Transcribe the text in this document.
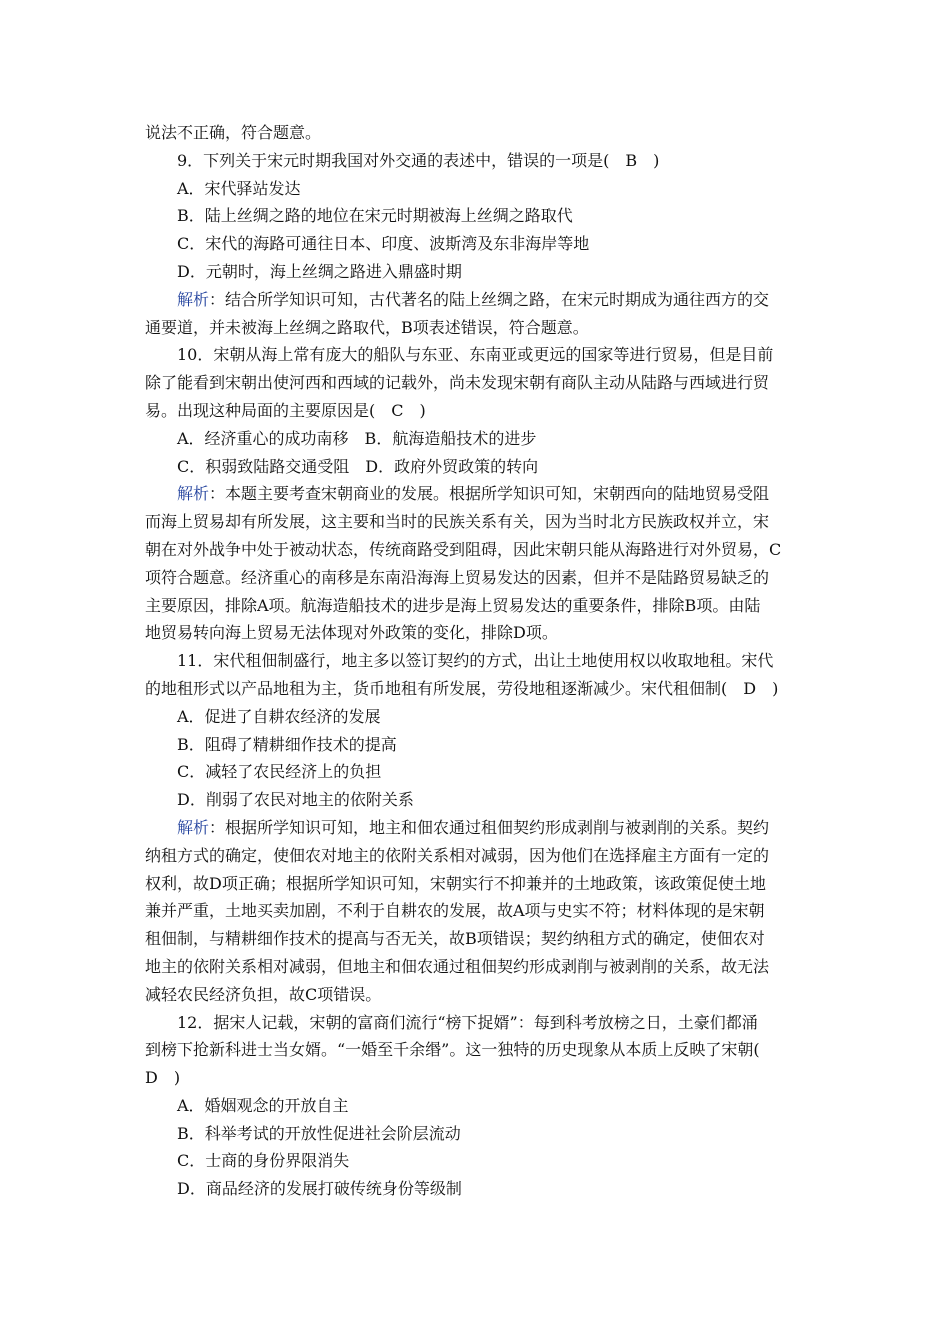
说法不正确，符合题意。
9．下列关于宋元时期我国对外交通的表述中，错误的一项是(　B　)
A．宋代驿站发达
B．陆上丝绸之路的地位在宋元时期被海上丝绸之路取代
C．宋代的海路可通往日本、印度、波斯湾及东非海岸等地
D．元朝时，海上丝绸之路进入鼎盛时期
解析：结合所学知识可知，古代著名的陆上丝绸之路，在宋元时期成为通往西方的交
通要道，并未被海上丝绸之路取代，B项表述错误，符合题意。
10．宋朝从海上常有庞大的船队与东亚、东南亚或更远的国家等进行贸易，但是目前
除了能看到宋朝出使河西和西域的记载外，尚未发现宋朝有商队主动从陆路与西域进行贸
易。出现这种局面的主要原因是(　C　)
A．经济重心的成功南移　B．航海造船技术的进步
C．积弱致陆路交通受阻　D．政府外贸政策的转向
解析：本题主要考查宋朝商业的发展。根据所学知识可知，宋朝西向的陆地贸易受阻
而海上贸易却有所发展，这主要和当时的民族关系有关，因为当时北方民族政权并立，宋
朝在对外战争中处于被动状态，传统商路受到阻碍，因此宋朝只能从海路进行对外贸易，C
项符合题意。经济重心的南移是东南沿海海上贸易发达的因素，但并不是陆路贸易缺乏的
主要原因，排除A项。航海造船技术的进步是海上贸易发达的重要条件，排除B项。由陆
地贸易转向海上贸易无法体现对外政策的变化，排除D项。
11．宋代租佃制盛行，地主多以签订契约的方式，出让土地使用权以收取地租。宋代
的地租形式以产品地租为主，货币地租有所发展，劳役地租逐渐减少。宋代租佃制(　D　)
A．促进了自耕农经济的发展
B．阻碍了精耕细作技术的提高
C．减轻了农民经济上的负担
D．削弱了农民对地主的依附关系
解析：根据所学知识可知，地主和佃农通过租佃契约形成剥削与被剥削的关系。契约
纳租方式的确定，使佃农对地主的依附关系相对减弱，因为他们在选择雇主方面有一定的
权利，故D项正确；根据所学知识可知，宋朝实行不抑兼并的土地政策，该政策促使土地
兼并严重，土地买卖加剧，不利于自耕农的发展，故A项与史实不符；材料体现的是宋朝
租佃制，与精耕细作技术的提高与否无关，故B项错误；契约纳租方式的确定，使佃农对
地主的依附关系相对减弱，但地主和佃农通过租佃契约形成剥削与被剥削的关系，故无法
减轻农民经济负担，故C项错误。
12．据宋人记载，宋朝的富商们流行“榜下捉婿”：每到科考放榜之日，土豪们都涌
到榜下抢新科进士当女婿。“一婚至千余缗”。这一独特的历史现象从本质上反映了宋朝(
D　)
A．婚姻观念的开放自主
B．科举考试的开放性促进社会阶层流动
C．士商的身份界限消失
D．商品经济的发展打破传统身份等级制
